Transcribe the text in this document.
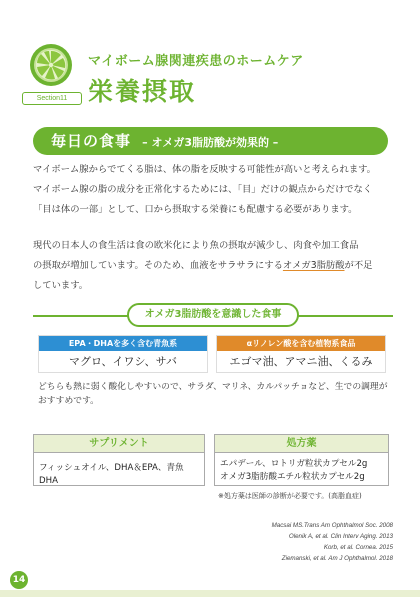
Section11
マイボーム腺関連疾患のホームケア
栄養摂取
毎日の食事 – オメガ3脂肪酸が効果的 –
マイボーム腺からでてくる脂は、体の脂を反映する可能性が高いと考えられます。
マイボーム腺の脂の成分を正常化するためには、「目」だけの観点からだけでなく
「目は体の一部」として、口から摂取する栄養にも配慮する必要があります。
現代の日本人の食生活は食の欧米化により魚の摂取が減少し、肉食や加工食品
の摂取が増加しています。そのため、血液をサラサラにするオメガ3脂肪酸が不足
しています。
オメガ3脂肪酸を意識した食事
EPA・DHAを多く含む青魚系
マグロ、イワシ、サバ
αリノレン酸を含む植物系食品
エゴマ油、アマニ油、くるみ
どちらも熱に弱く酸化しやすいので、サラダ、マリネ、カルパッチョなど、生での調理が
おすすめです。
サプリメント
フィッシュオイル、DHA＆EPA、青魚DHA
処方薬
エパデール、ロトリガ粒状カプセル2g
オメガ3脂肪酸エチル粒状カプセル2g
※処方薬は医師の診断が必要です。(高脂血症)
Macsai MS.Trans Am Ophthalmol Soc. 2008
Olenik A, et al. Clin Interv Aging. 2013
Korb, et al. Cornea. 2015
Ziemanski, et al. Am J Ophthalmol. 2018
14
